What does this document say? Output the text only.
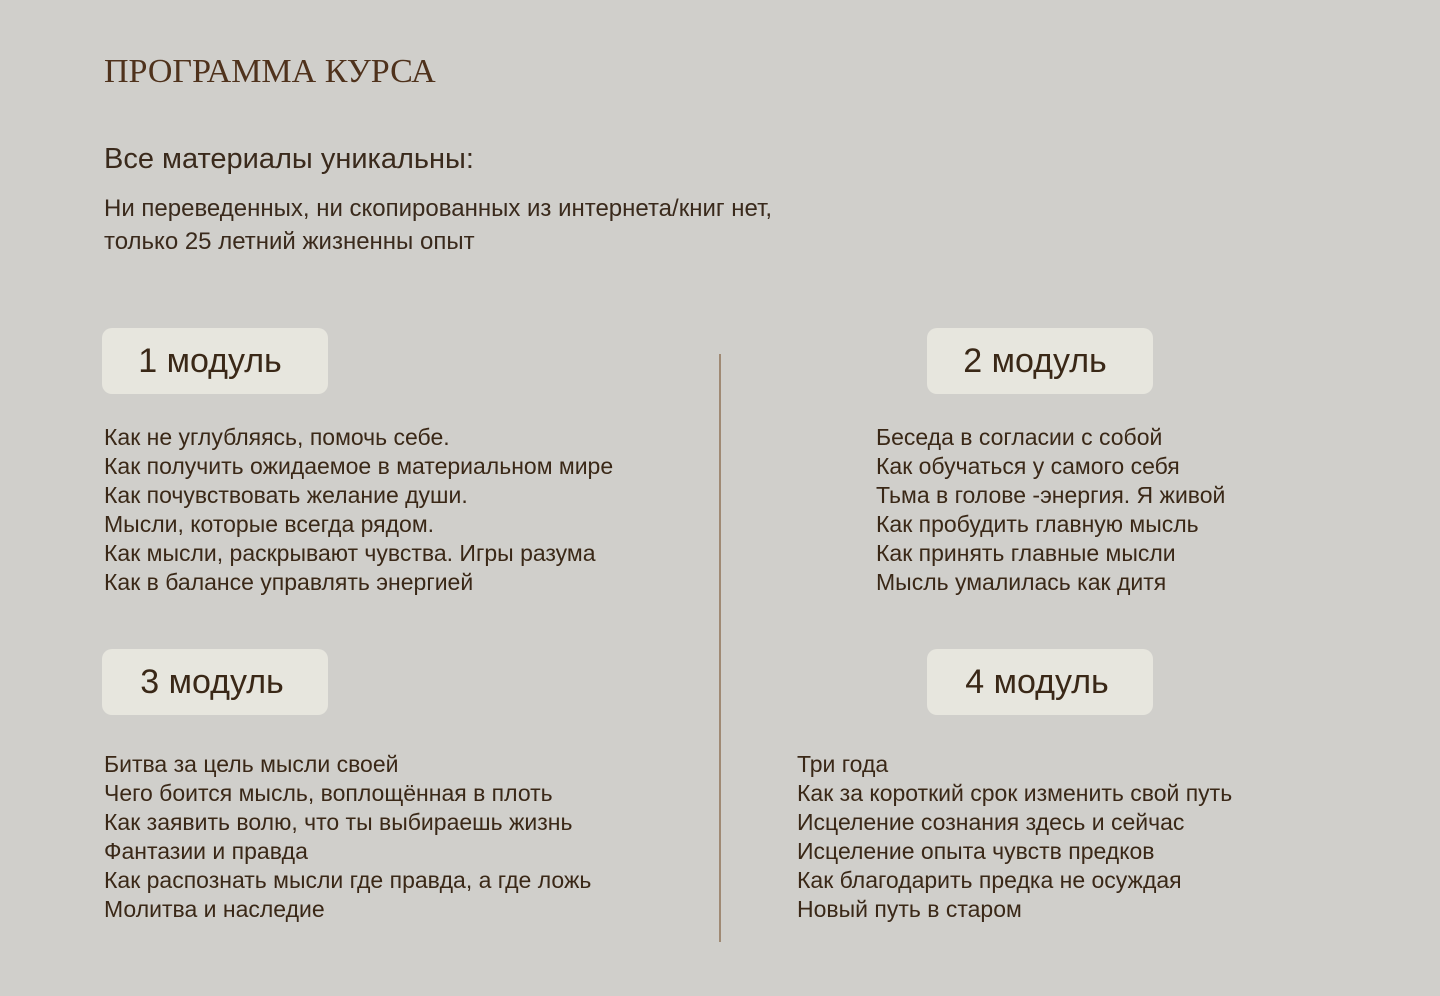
ПРОГРАММА КУРСА
Все материалы уникальны:
Ни переведенных, ни скопированных из интернета/книг нет,
только 25 летний жизненны опыт
1 модуль
Как не углубляясь, помочь себе.
Как получить ожидаемое в материальном мире
Как почувствовать желание души.
Мысли, которые всегда рядом.
Как мысли, раскрывают чувства. Игры разума
Как в балансе управлять энергией
2 модуль
Беседа в согласии с собой
Как обучаться у самого себя
Тьма в голове -энергия. Я живой
Как пробудить главную мысль
Как принять главные мысли
Мысль умалилась как дитя
3 модуль
Битва за цель мысли своей
Чего боится мысль, воплощённая в плоть
Как заявить волю, что ты выбираешь жизнь
Фантазии и правда
Как распознать мысли где правда, а где ложь
Молитва и наследие
4 модуль
Три года
Как за короткий срок изменить свой путь
Исцеление сознания здесь и сейчас
Исцеление опыта чувств предков
Как благодарить предка не осуждая
Новый путь в старом
